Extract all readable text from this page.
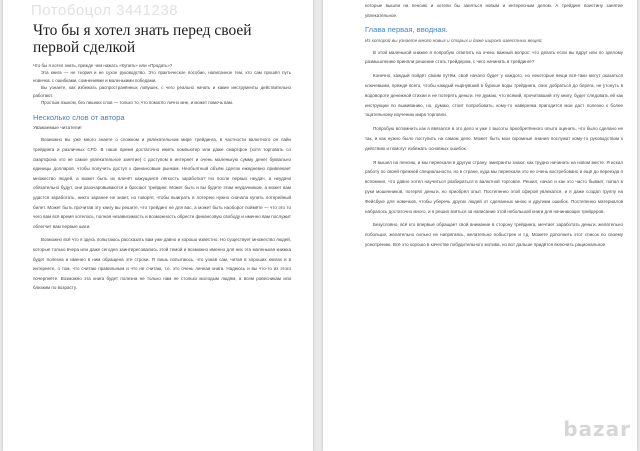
Потобоцол 3441238
Что бы я хотел знать перед своей первой сделкой

Что бы я хотел знать, прежде чем нажать «Купить» или «Продать»?

Эта книга — не теория и не сухое руководство. Это практическое пособие, написанное тем, кто сам прошёл путь новичка: с ошибками, сомнениями и маленькими победами.

Вы узнаете, как избежать распространённых ловушек, с чего реально начать и какие инструменты действительно работают.

Простым языком, без лишних слов — только то, что помогло лично мне, и может помочь вам.

Несколько слов от автора
Уважаемые читатели!

Возможно вы уже много знаете о сложном и увлекательном мире трейдинга, в частности валютного он лайн трейдинга и различных CFD. В наше время достаточно иметь компьютер или даже смартфон (хотя торговать со смартфона это не самое увлекательное занятие) с доступом в интернет и очень маленькую сумму денег буквально единицы долларов, чтобы получить доступ к финансовым рынкам. Необъятный объём сделок ежедневно привлекает множество людей, а может быть их влечёт кажущаяся лёгкость заработка? Но после первых неудач, а неудачи обязательно будут, они разочаровываются и бросают трейдинг. Может быть и вы будете этим неудачником, а может вам удастся заработать, никто заранее не знает, но говорят, чтобы выиграть в лотерею нужно сначала купить лотерейный билет. Может быть прочитав эту книгу вы решите, что трейдинг не для вас, а может быть наоборот поймёте — что это то чего вам всё время хотелось, полная независимость и возможность обрести финансовую свободу и именно вам послужит облегчит вам первые шаги.

Возможно всё что я здесь попытаюсь рассказать вам уже давно и хорошо известно. Но существует множество людей, которые только вчера или даже сегодня заинтересовались этой темой и возможно именно для них эта маленькая книжка будет полезна и именно в ним обращена эти строки. Я лишь попытаюсь, что узнав сам, читая в хороших книгах и в интернете, о том, что считаю правильным и что не считаю, т.е. это очень личная книга. Надеюсь и вы что-то из этого почерпнёте. Возможно эта книга будет полезна не только нам не столько молодым людям, а всем ровесникам или близким по возрасту,

которые вышли на пенсию и хотели бы заняться новым и интересным делом. А трейдинг воистину занятие увлекательное.

Глава первая, вводная.
Из которой вы узнаете много новых и старых и даже широко известных вещей.

В этой маленькой книжке я попробую ответить на очень важный вопрос: что делать если вы вдруг или по зрелому размышлению приняли решение стать трейдером, с чего начинать в трейдинге?

Конечно, каждый пойдёт своим путём, своё начало будет у каждого, но некоторые вещи всё-таки могут оказаться ключевыми, прежде всего, чтобы каждый нырнувший в бурные воды трейдинга, смог добраться до берега, не утонуть в водовороте денежной стихии и не потерять деньги. Не думаю, что всякий, прочитавший эту книгу, будет следовать ей как инструкции по выживанию, но, думаю, стоит попробовать, кому-то наверняка пригодится мои даст полезно к более тщательному изучению мира торговли.

Попробую вспомнить как я ввязался в это дело и уже с высоты приобретённого опыта оценить, что было сделано не так, и как нужно было поступить на самом деле. Может быть мои скромные знания послужат кому-то руководством к действию и помогут избежать основных ошибок.

Я вышел на пенсию, и мы переехали в другую страну, эмигранты знают, как трудно начинать на новом месте. Я искал работу по своей прежней специальности, но в стране, куда мы переехали это не очень востребовано и ещё до переезда я вспомнил, что давно хотел научиться разбираться в валютной торговле. Решил, начал и как это часто бывает, попал в руки мошенников, потерял деньги, но приобрёл опыт. Постепенно этой сферой увлекался, и я даже создал группу на Фейсбуке для новичков, чтобы уберечь других людей от сделанных мною и другими ошибок. Постепенно материалов набралось достаточно много, и я решил взяться за написание этой небольшой книги для начинающих трейдеров.

Безусловно, всё кто впервые обращает свой внимание в сторону трейдинга, мечтает заработать деньги, желательно побольше, желательно сильно не напрягаясь, желательно побыстрее и т.д. Можете дополнить этот список по своему усмотрению. Всё это хорошо в качестве побудительного мотива, но вот дальше придётся включить рациональное

bazar
